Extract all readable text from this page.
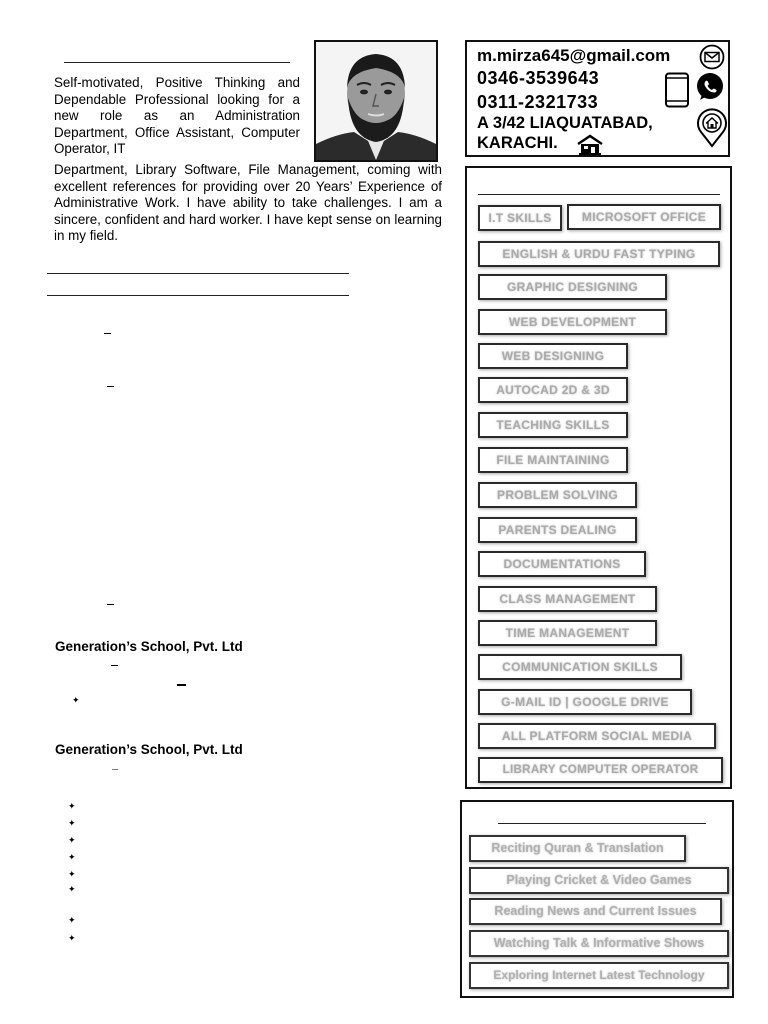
Self-motivated, Positive Thinking and Dependable Professional looking for a new role as an Administration Department, Office Assistant, Computer Operator, IT
Department, Library Software, File Management, coming with excellent references for providing over 20 Years’ Experience of Administrative Work. I have ability to take challenges. I am a sincere, confident and hard worker. I have kept sense on learning in my field.
m.mirza645@gmail.com
0346-3539643
0311-2321733
A 3/42 LIAQUATABAD,
KARACHI.
Generation’s School, Pvt. Ltd
✦
Generation’s School, Pvt. Ltd
✦
✦
✦
✦
✦
✦
✦
✦
I.T SKILLS	MICROSOFT OFFICE
ENGLISH & URDU FAST TYPING
GRAPHIC DESIGNING
WEB DEVELOPMENT
WEB DESIGNING
AUTOCAD 2D & 3D
TEACHING SKILLS
FILE MAINTAINING
PROBLEM SOLVING
PARENTS DEALING
DOCUMENTATIONS
CLASS MANAGEMENT
TIME MANAGEMENT
COMMUNICATION SKILLS
G-MAIL ID | GOOGLE DRIVE
ALL PLATFORM SOCIAL MEDIA
LIBRARY COMPUTER OPERATOR
Reciting Quran & Translation
Playing Cricket & Video Games
Reading News and Current Issues
Watching Talk & Informative Shows
Exploring Internet Latest Technology
